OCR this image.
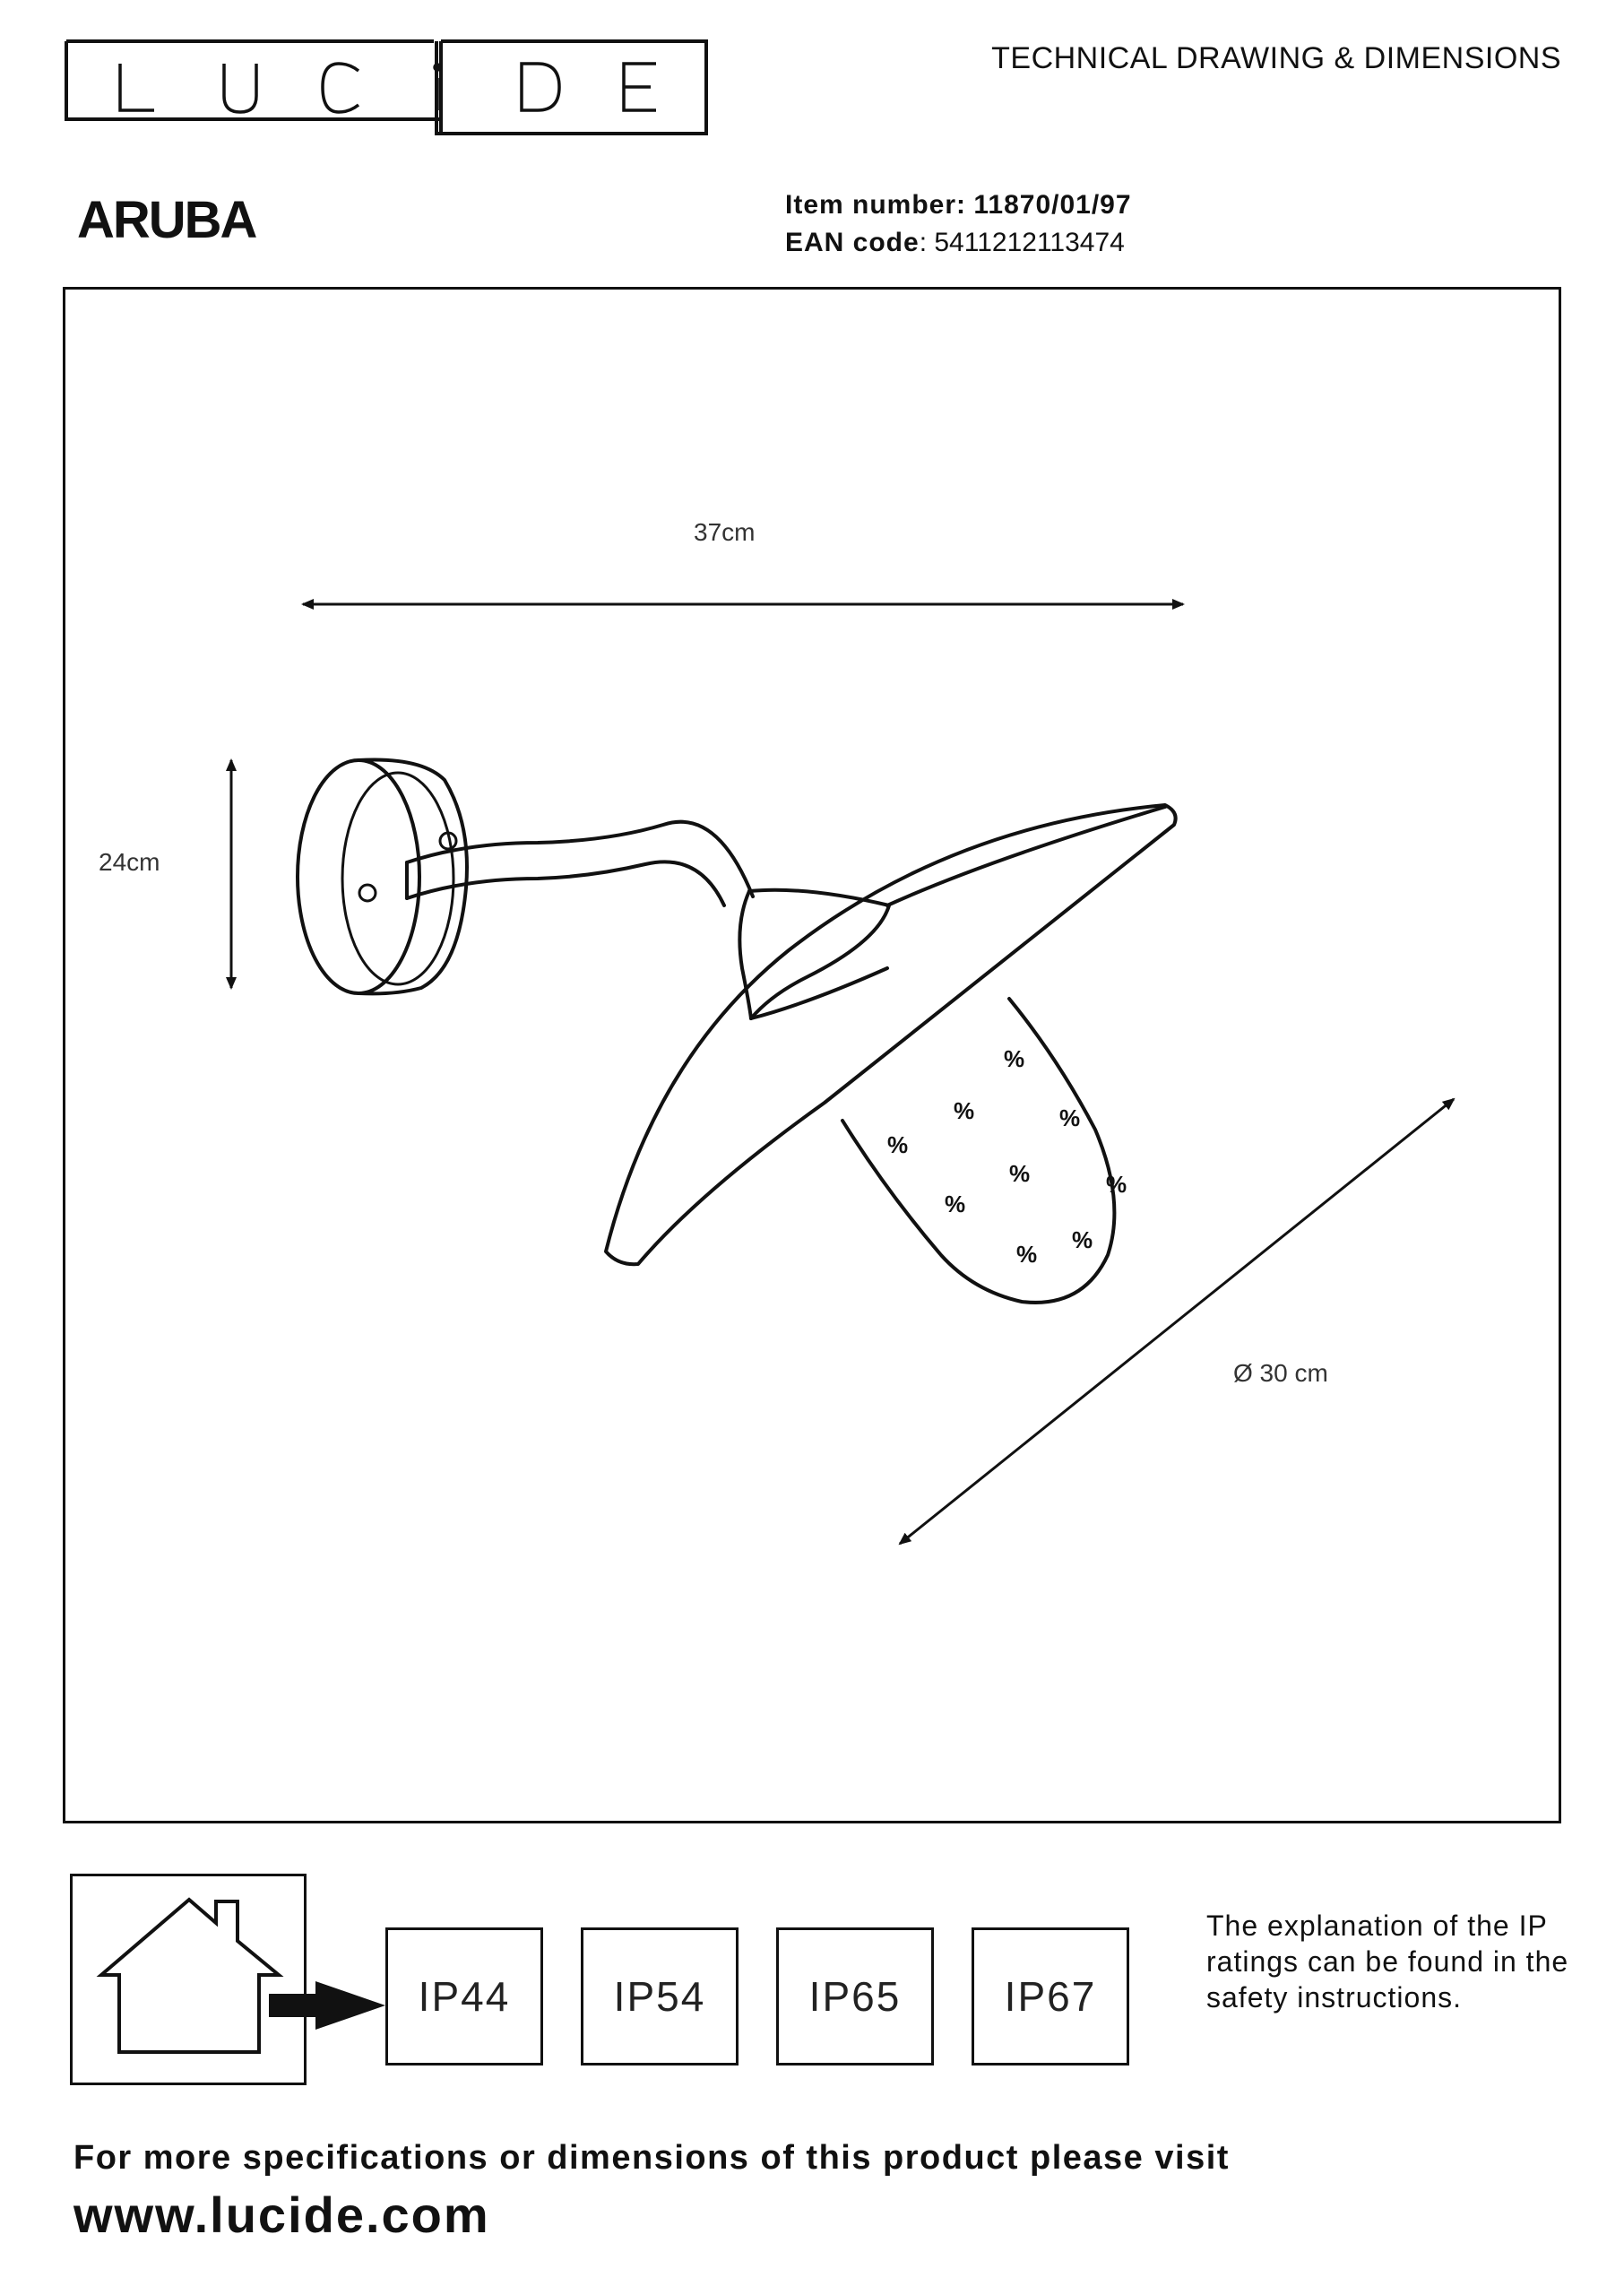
TECHNICAL DRAWING & DIMENSIONS
ARUBA	Item number: 11870/01/97
EAN code: 5411212113474
%
%	%
%
%	%
%
%
%
37cm
24cm
Ø 30 cm
IP44	IP54	IP65	IP67
The explanation of the IP ratings can be found in the safety instructions.
For more specifications or dimensions of this product please visit
www.lucide.com
